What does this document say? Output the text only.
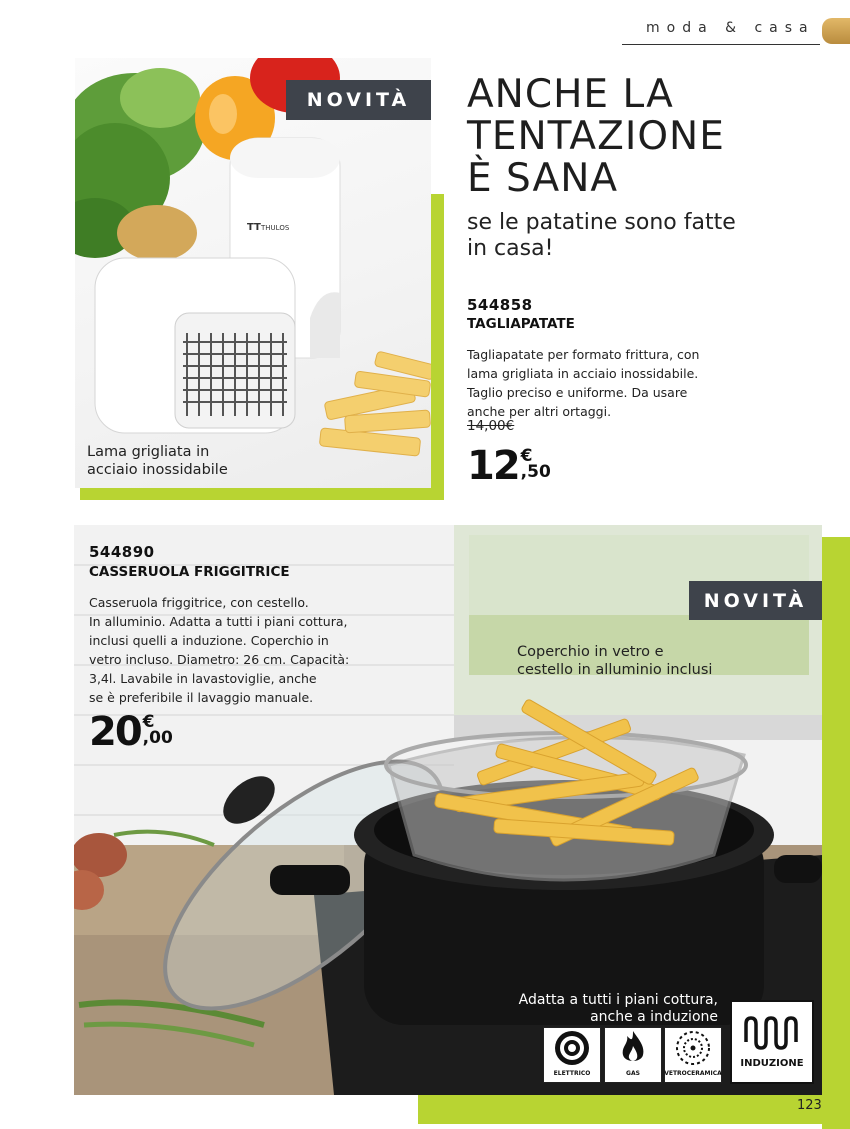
moda & casa
TT THULOS
NOVITÀ
Lama grigliata in
acciaio inossidabile
ANCHE LA
TENTAZIONE
È SANA
se le patatine sono fatte
in casa!
544858
TAGLIAPATATE
Tagliapatate per formato frittura, con
lama grigliata in acciaio inossidabile.
Taglio preciso e uniforme. Da usare
anche per altri ortaggi.
14,00€
12 €
,50
NOVITÀ
544890
CASSERUOLA FRIGGITRICE
Casseruola friggitrice, con cestello.
In alluminio. Adatta a tutti i piani cottura,
inclusi quelli a induzione. Coperchio in
vetro incluso. Diametro: 26 cm. Capacità:
3,4l. Lavabile in lavastoviglie, anche
se è preferibile il lavaggio manuale.
20 €
,00
Coperchio in vetro e
cestello in alluminio inclusi
Adatta a tutti i piani cottura,
anche a induzione
ELETTRICO	GAS	VETROCERAMICA
INDUZIONE
123
